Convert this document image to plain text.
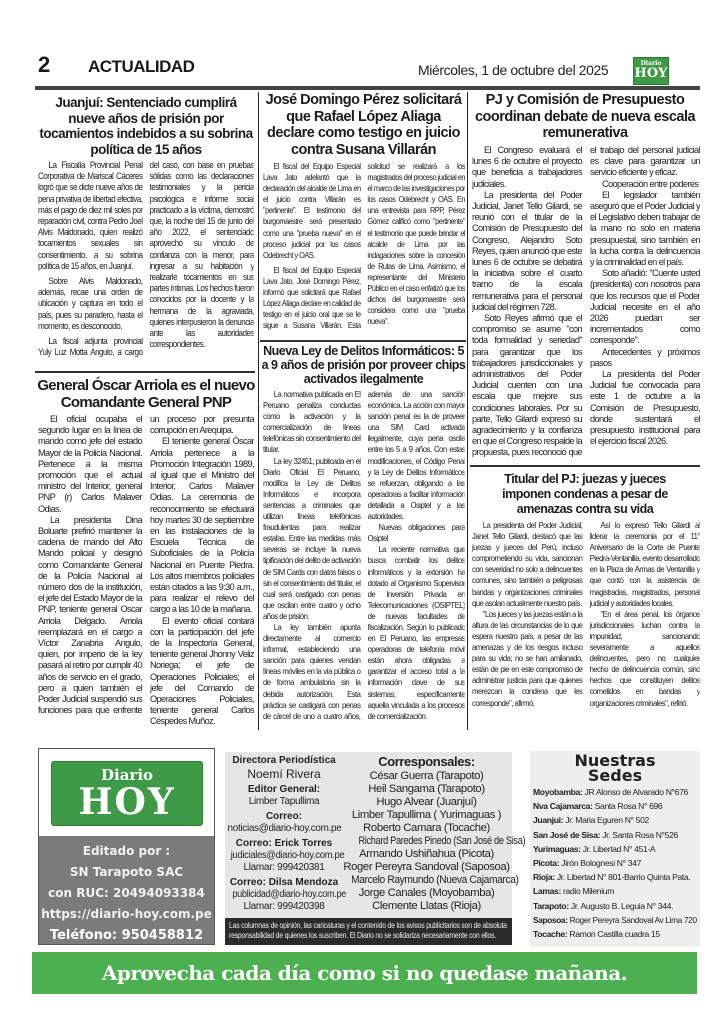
2 ACTUALIDAD	Miércoles, 1 de octubre del 2025	Diario
HOY
Juanjuí: Sentenciado cumplirá nueve años de prisión por tocamientos indebidos a su sobrina política de 15 años

La Fiscalía Provincial Penal Corporativa de Mariscal Cáceres logró que se dicte nueve años de pena privativa de libertad efectiva, más el pago de diez mil soles por reparación civil, contra Pedro Joel Alvis Maldonado, quien realizó tocamientos sexuales sin consentimiento, a su sobrina política de 15 años, en Juanjuí.

Sobre Alvis Maldonado, además, recae una orden de ubicación y captura en todo el país, pues su paradero, hasta el momento, es desconocido.

La fiscal adjunta provincial Yuly Luz Motta Angulo, a cargo del caso, con base en pruebas sólidas como las declaraciones testimoniales y la pericia psicológica e informe social practicado a la víctima, demostró que, la noche del 15 de junio del año 2022, el sentenciado aprovechó su vínculo de confianza con la menor, para ingresar a su habitación y realizarle tocamientos en sus partes íntimas. Los hechos fueron conocidos por la docente y la hermana de la agraviada, quienes interpusieron la denuncia ante las autoridades correspondientes.

General Óscar Arriola es el nuevo Comandante General PNP

El oficial ocupaba el segundo lugar en la línea de mando como jefe del estado Mayor de la Policía Nacional. Pertenece a la misma promoción que el actual ministro del Interior, general PNP (r) Carlos Malaver Odias.

La presidenta Dina Boluarte prefirió mantener la cadena de mando del Alto Mando policial y designó como Comandante General de la Policía Nacional al número dos de la institución, el jefe del Estado Mayor de la PNP, teniente general Oscar Arriola Delgado. Arriola reemplazará en el cargo a Víctor Zanabria Angulo, quien, por imperio de la ley pasará al retiro por cumplir 40 años de servicio en el grado, pero a quien también el Poder Judicial suspendió sus funciones para que enfrente un proceso por presunta corrupción en Arequipa.

El teniente general Óscar Arriola pertenece a la Promoción Integración 1989, al igual que el Ministro del Interior, Carlos Malaver Odias. La ceremonia de reconocimiento se efectuará hoy martes 30 de septiembre en las instalaciones de la Escuela Técnica de Suboficiales de la Policía Nacional en Puente Piedra. Los altos miembros policiales están citados a las 9:30 a.m., para realizar el relevo del cargo a las 10 de la mañana.

El evento oficial contará con la participación del jefe de la Inspectoría General, teniente general Jhonny Veliz Noriega; el jefe de Operaciones Policiales; el jefe del Comando de Operaciones Policiales, teniente general Carlos Céspedes Muñoz.

José Domingo Pérez solicitará que Rafael López Aliaga declare como testigo en juicio contra Susana Villarán

El fiscal del Equipo Especial Lava Jato adelantó que la declaración del alcalde de Lima en el juicio contra Villarán es "pertinente". El testimonio del burgomaestre será presentado como una "prueba nueva" en el proceso judicial por los casos Odebrecht y OAS.

El fiscal del Equipo Especial Lava Jato, José Domingo Pérez, informó que solicitará que Rafael López Aliaga declare en calidad de testigo en el juicio oral que se le sigue a Susana Villarán. Esta solicitud se realizará a los magistrados del proceso judicial en el marco de las investigaciones por los casos Odebrecht y OAS. En una entrevista para RPP, Pérez Gómez calificó como "pertinente" el testimonio que puede brindar el alcalde de Lima por las indagaciones sobre la concesión de Rutas de Lima. Asimismo, el representante del Ministerio Público en el caso enfatizó que los dichos del burgomaestre será considera como una "prueba nueva".

Nueva Ley de Delitos Informáticos: 5 a 9 años de prisión por proveer chips activados ilegalmente

La normativa publicada en El Peruano penaliza conductas como la activación y la comercialización de líneas telefónicas sin consentimiento del titular.

La ley 32451, publicada en el Diario Oficial El Peruano, modifica la Ley de Delitos Informáticos e incorpora sentencias a criminales que utilizan líneas telefónicas fraudulentas para realizar estafas. Entre las medidas más severas se incluye la nueva tipificación del delito de activación de SIM Cards con datos falsos o sin el consentimiento del titular, el cual será castigado con penas que oscilan entre cuatro y ocho años de prisión.

La ley también apunta directamente al comercio informal, estableciendo una sanción para quienes vendan líneas móviles en la vía pública o de forma ambulatoria sin la debida autorización. Esta práctica se castigará con penas de cárcel de uno a cuatro años, además de una sanción económica. La acción con mayor sanción penal es la de proveer una SIM Card activada ilegalmente, cuya pena oscila entre los 5 a 9 años. Con estas modificaciones, el Código Penal y la Ley de Delitos Informáticos se refuerzan, obligando a las operadoras a facilitar información detallada a Osiptel y a las autoridades.

Nuevas obligaciones para Osiptel

La reciente normativa que busca combatir los delitos informáticos y la extorsión ha dotado al Organismo Supervisor de Inversión Privada en Telecomunicaciones (OSIPTEL) de nuevas facultades de fiscalización. Según lo publicado en El Peruano, las empresas operadoras de telefonía móvil están ahora obligadas a garantizar el acceso total a la información clave de sus sistemas, específicamente aquella vinculada a los procesos de comercialización.

PJ y Comisión de Presupuesto coordinan debate de nueva escala remunerativa

El Congreso evaluará el lunes 6 de octubre el proyecto que beneficia a trabajadores judiciales.

La presidenta del Poder Judicial, Janet Tello Gilardi, se reunió con el titular de la Comisión de Presupuesto del Congreso, Alejandro Soto Reyes, quien anunció que este lunes 6 de octubre se debatirá la iniciativa sobre el cuarto tramo de la escala remunerativa para el personal judicial del régimen 728.

Soto Reyes afirmó que el compromiso se asume "con toda formalidad y seriedad" para garantizar que los trabajadores jurisdiccionales y administrativos del Poder Judicial cuenten con una escala que mejore sus condiciones laborales. Por su parte, Tello Gilardi expresó su agradecimiento y la confianza en que el Congreso respalde la propuesta, pues reconoció que el trabajo del personal judicial es clave para garantizar un servicio eficiente y eficaz.

Cooperación entre poderes

El legislador también aseguró que el Poder Judicial y el Legislativo deben trabajar de la mano no solo en materia presupuestal, sino también en la lucha contra la delincuencia y la criminalidad en el país.

Soto añadió: "Cuente usted (presidenta) con nosotros para que los recursos que el Poder Judicial necesite en el año 2026 puedan ser incrementados como corresponde".

Antecedentes y próximos pasos

La presidenta del Poder Judicial fue convocada para este 1 de octubre a la Comisión de Presupuesto, donde sustentará el presupuesto institucional para el ejercicio fiscal 2026.

Titular del PJ: juezas y jueces imponen condenas a pesar de amenazas contra su vida

La presidenta del Poder Judicial, Janet Tello Gilardi, destacó que las juezas y jueces del Perú, incluso comprometiendo su vida, sancionan con severidad no solo a delincuentes comunes, sino también a peligrosas bandas y organizaciones criminales que asolan actualmente nuestro país.

"Los jueces y las juezas están a la altura de las circunstancias de lo que espera nuestro país, a pesar de las amenazas y de los riesgos incluso para su vida; no se han amilanado, están de pie en este compromiso de administrar justicia para que quienes merezcan la condena que les corresponde", afirmó.

Así lo expresó Tello Gilardi al liderar la ceremonia por el 11° Aniversario de la Corte de Puente Piedra-Ventanilla, evento desarrollado en la Plaza de Armas de Ventanilla y que contó con la asistencia de magistradas, magistrados, personal judicial y autoridades locales.

"En el área penal, los órganos jurisdiccionales luchan contra la impunidad, sancionando severamente a aquellos delincuentes, pero no cualquier hecho de delincuencia común, sino hechos que constituyen delitos cometidos en bandas y organizaciones criminales", refirió.

Diario
HOY
Editado por :
SN Tarapoto SAC
con RUC: 20494093384
https://diario-hoy.com.pe
Teléfono: 950458812
Directora Periodística
Noemí Rivera
Editor General:
Limber Tapullima
Correo:
noticias@diario-hoy.com.pe
Correo: Erick Torres
judiciales@diario-hoy.com.pe
Llamar: 999420381
Correo: Dilsa Mendoza
publicidad@diario-hoy.com.pe
Llamar: 999420398
Corresponsales:
César Guerra (Tarapoto)
Heil Sangama (Tarapoto)
Hugo Alvear (Juanjuí)
Limber Tapullima ( Yurimaguas )
Roberto Camara (Tocache)
Richard Paredes Pinedo (San José de Sisa)
Armando Ushiñahua (Picota)
Roger Pereyra Sandoval (Saposoa)
Marcelo Raymundo (Nueva Cajamarca)
Jorge Canales (Moyobamba)
Clemente Llatas (Rioja)
Las columnas de opinión, las caricaturas y el contenido de los avisos publicitarios son de absoluta responsabilidad de quienes los suscriben. El Diario no se solidariza necesariamente con ellos.
Nuestras Sedes
Moyobamba: JR Alonso de Alvarado N°676
Nva Cajamarca: Santa Rosa N° 696
Juanjui: Jr. Maria Eguren N° 502
San José de Sisa: Jr. Santa Rosa N°526
Yurimaguas: Jr. Libertad N° 451-A
Picota: Jirón Bolognesi N° 347
Rioja: Jr. Libertad N° 801-Barrio Quinta Pata.
Lamas: radio Milenium
Tarapoto: Jr. Augusto B. Leguia N° 344.
Saposoa: Roger Pereyra Sandoval Av Lima 720
Tocache: Ramon Castilla cuadra 15
Aprovecha cada día como si no quedase mañana.
